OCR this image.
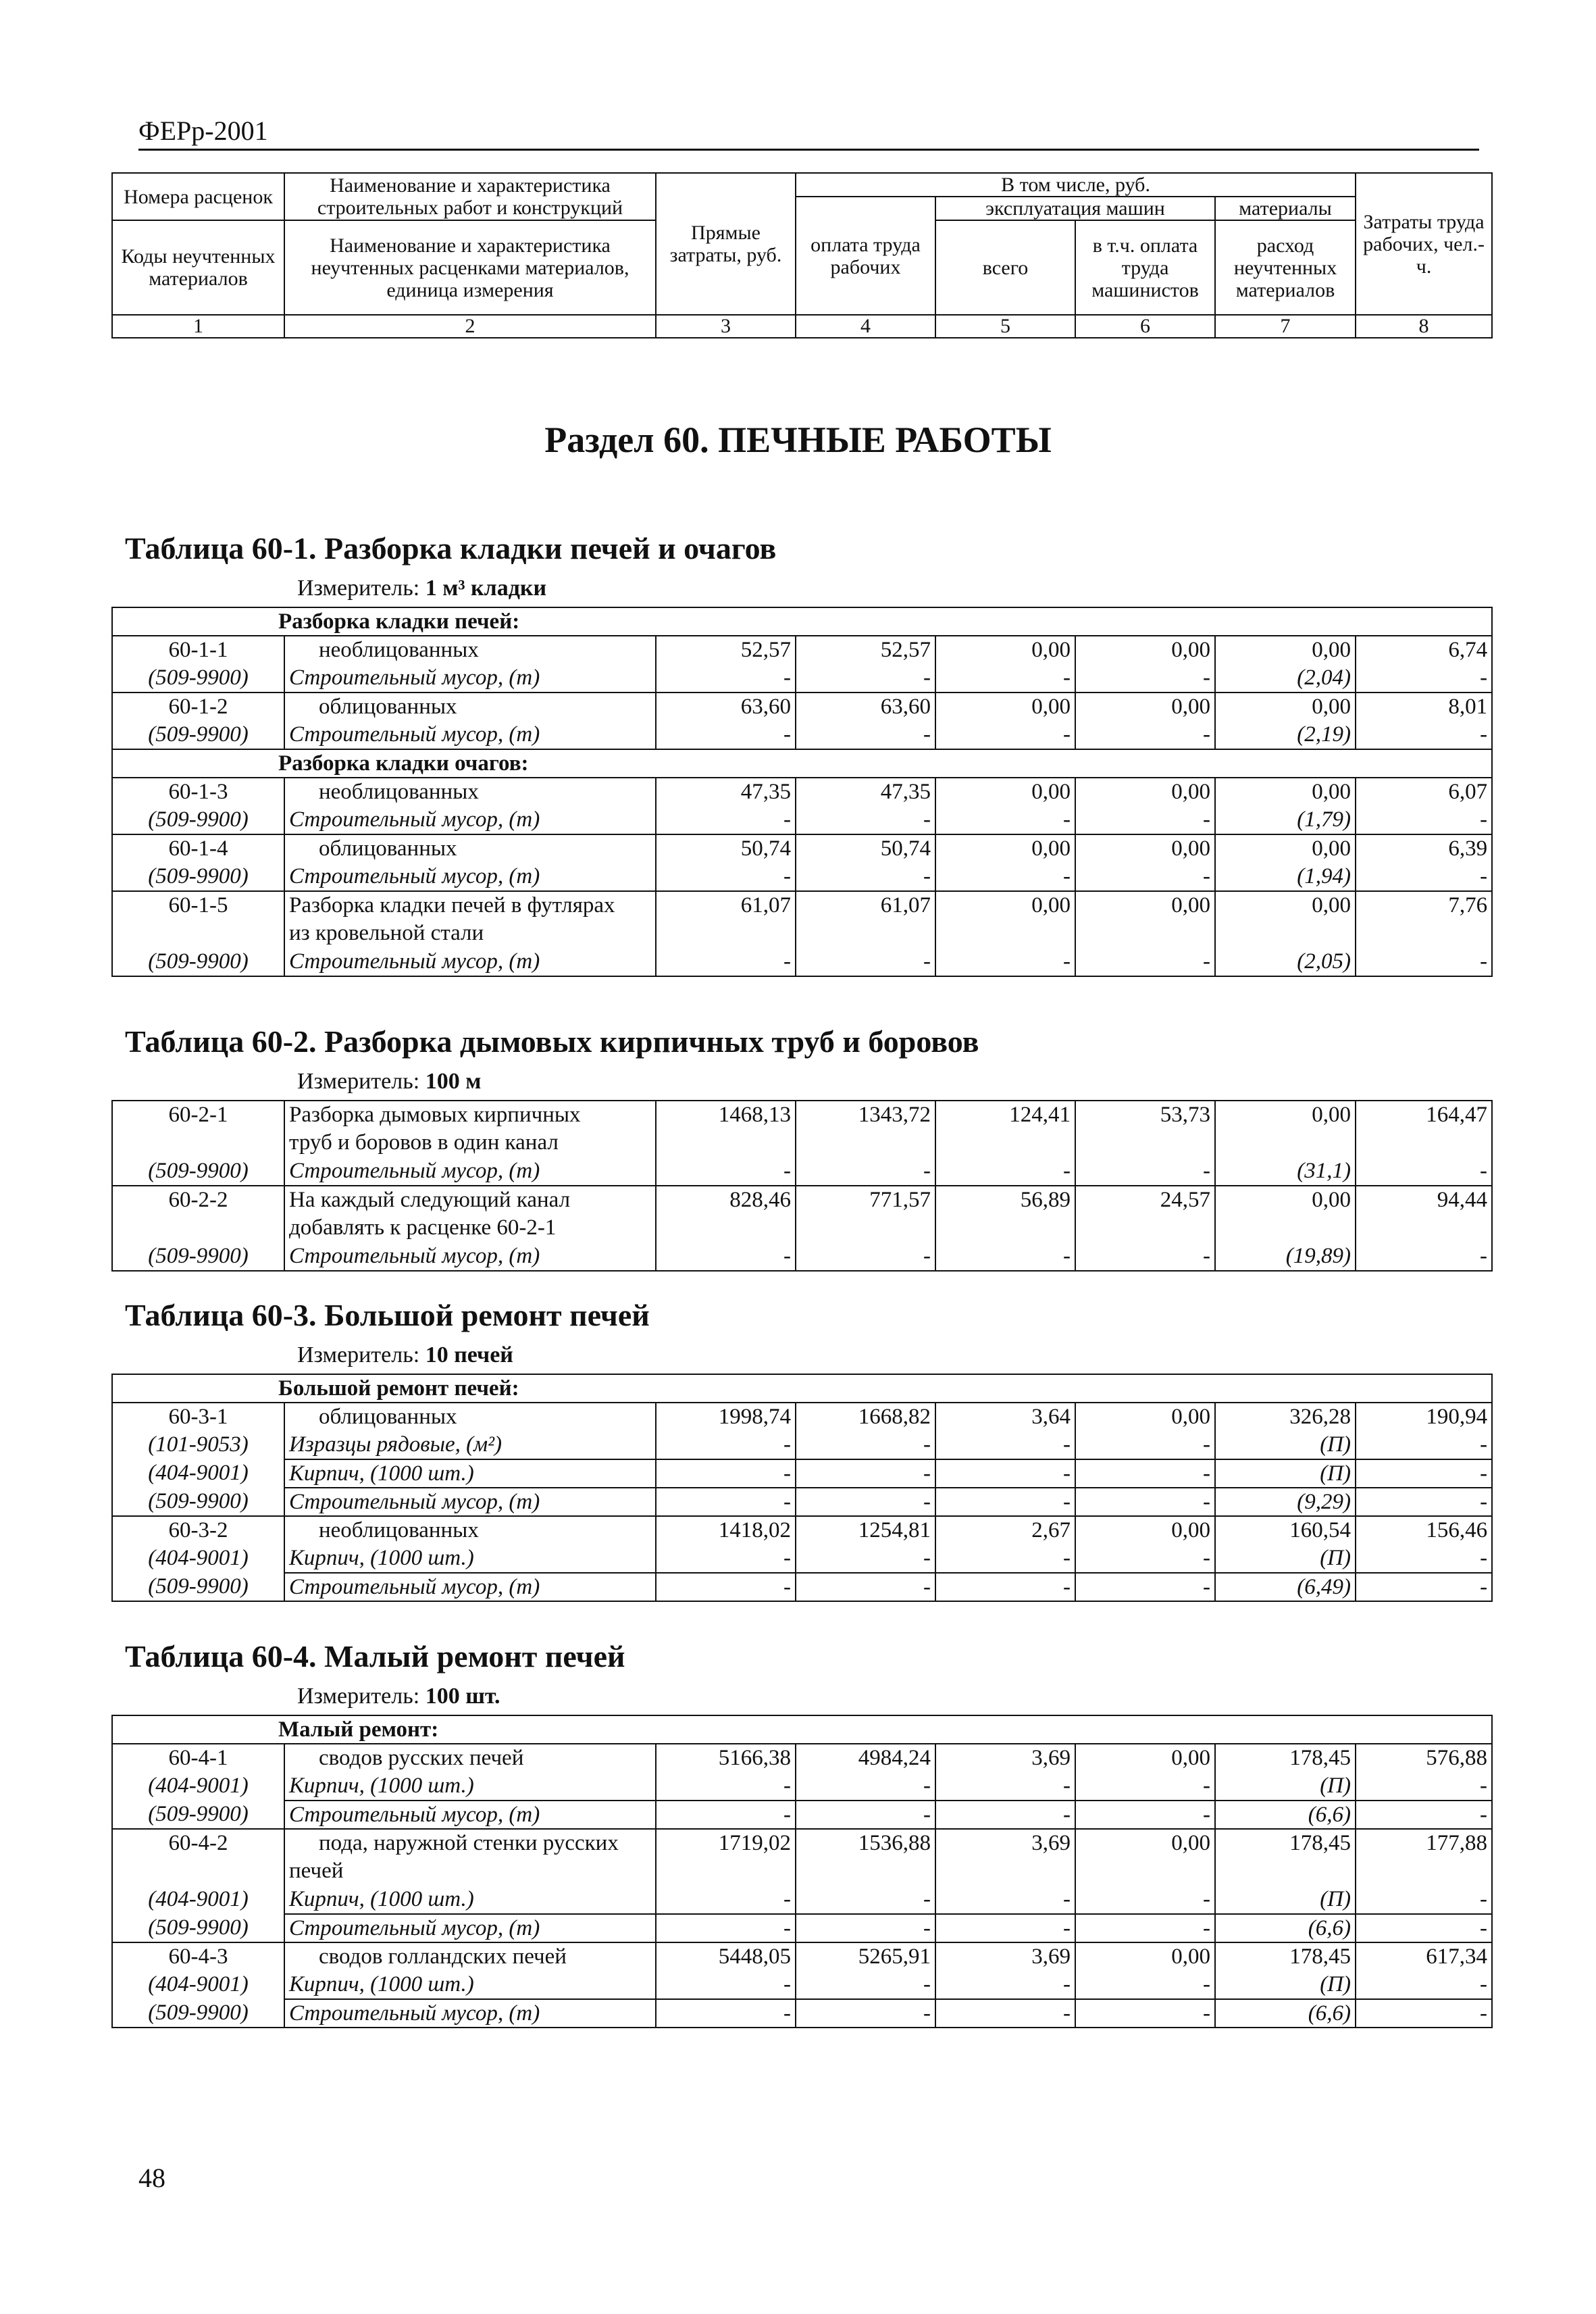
ФЕРр-2001
Номера расценок	Наименование и характеристика строительных работ и конструкций	Прямые затраты, руб.	В том числе, руб.				Затраты труда рабочих, чел.-ч.
			оплата труда рабочих	эксплуатация машин		материалы	
Коды неучтенных материалов	Наименование и характеристика неучтенных расценками материалов, единица измерения			всего	в т.ч. оплата труда машинистов	расход неучтенных материалов	

1	2	3	4	5	6	7	8
Раздел 60. ПЕЧНЫЕ РАБОТЫ
Таблица 60-1. Разборка кладки печей и очагов
Измеритель: 1 м³ кладки
Разборка кладки печей:							
60-1-1	необлицованных	52,57	52,57	0,00	0,00	0,00	6,74
(509-9900)	Строительный мусор, (т)	-	-	-	-	(2,04)	-
60-1-2	облицованных	63,60	63,60	0,00	0,00	0,00	8,01
(509-9900)	Строительный мусор, (т)	-	-	-	-	(2,19)	-
Разборка кладки очагов:							
60-1-3	необлицованных	47,35	47,35	0,00	0,00	0,00	6,07
(509-9900)	Строительный мусор, (т)	-	-	-	-	(1,79)	-
60-1-4	облицованных	50,74	50,74	0,00	0,00	0,00	6,39
(509-9900)	Строительный мусор, (т)	-	-	-	-	(1,94)	-
60-1-5	Разборка кладки печей в футлярах	61,07	61,07	0,00	0,00	0,00	7,76
	из кровельной стали						
(509-9900)	Строительный мусор, (т)	-	-	-	-	(2,05)	-
Таблица 60-2. Разборка дымовых кирпичных труб и боровов
Измеритель: 100 м
60-2-1	Разборка дымовых кирпичных	1468,13	1343,72	124,41	53,73	0,00	164,47
	труб и боровов в один канал						
(509-9900)	Строительный мусор, (т)	-	-	-	-	(31,1)	-
60-2-2	На каждый следующий канал	828,46	771,57	56,89	24,57	0,00	94,44
	добавлять к расценке 60-2-1						
(509-9900)	Строительный мусор, (т)	-	-	-	-	(19,89)	-
Таблица 60-3. Большой ремонт печей
Измеритель: 10 печей
Большой ремонт печей:							
60-3-1	облицованных	1998,74	1668,82	3,64	0,00	326,28	190,94
(101-9053)	Изразцы рядовые, (м²)	-	-	-	-	(П)	-
(404-9001)	Кирпич, (1000 шт.)	-	-	-	-	(П)	-
(509-9900)	Строительный мусор, (т)	-	-	-	-	(9,29)	-
60-3-2	необлицованных	1418,02	1254,81	2,67	0,00	160,54	156,46
(404-9001)	Кирпич, (1000 шт.)	-	-	-	-	(П)	-
(509-9900)	Строительный мусор, (т)	-	-	-	-	(6,49)	-
Таблица 60-4. Малый ремонт печей
Измеритель: 100 шт.
Малый ремонт:							
60-4-1	сводов русских печей	5166,38	4984,24	3,69	0,00	178,45	576,88
(404-9001)	Кирпич, (1000 шт.)	-	-	-	-	(П)	-
(509-9900)	Строительный мусор, (т)	-	-	-	-	(6,6)	-
60-4-2	пода, наружной стенки русских	1719,02	1536,88	3,69	0,00	178,45	177,88
	печей						
(404-9001)	Кирпич, (1000 шт.)	-	-	-	-	(П)	-
(509-9900)	Строительный мусор, (т)	-	-	-	-	(6,6)	-
60-4-3	сводов голландских печей	5448,05	5265,91	3,69	0,00	178,45	617,34
(404-9001)	Кирпич, (1000 шт.)	-	-	-	-	(П)	-
(509-9900)	Строительный мусор, (т)	-	-	-	-	(6,6)	-
48
